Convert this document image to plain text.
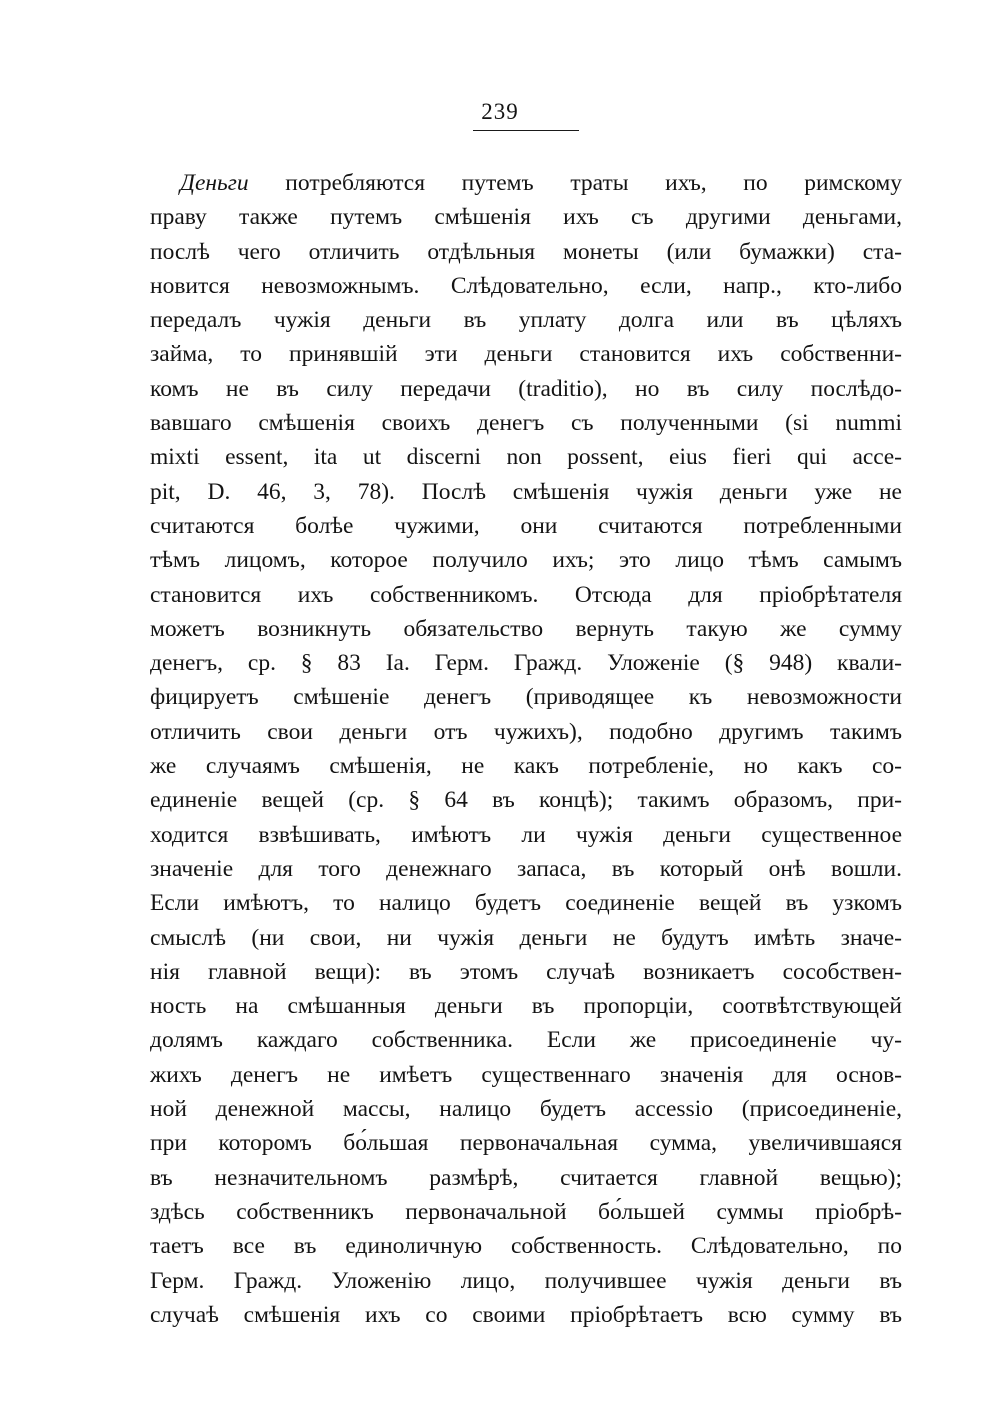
239
Деньги потребляются путемъ траты ихъ, по римскому
праву также путемъ смѣшенія ихъ съ другими деньгами,
послѣ чего отличить отдѣльныя монеты (или бумажки) ста-
новится невозможнымъ. Слѣдовательно, если, напр., кто-либо
передалъ чужія деньги въ уплату долга или въ цѣляхъ
займа, то принявшій эти деньги становится ихъ собственни-
комъ не въ силу передачи (traditio), но въ силу послѣдо-
вавшаго смѣшенія своихъ денегъ съ полученными (si nummi
mixti essent, ita ut discerni non possent, eius fieri qui acce-
pit, D. 46, 3, 78). Послѣ смѣшенія чужія деньги уже не
считаются болѣе чужими, они считаются потребленными
тѣмъ лицомъ, которое получило ихъ; это лицо тѣмъ самымъ
становится ихъ собственникомъ. Отсюда для пріобрѣтателя
можетъ возникнуть обязательство вернуть такую же сумму
денегъ, ср. § 83 Iа. Герм. Гражд. Уложеніе (§ 948) квали-
фицируетъ смѣшеніе денегъ (приводящее къ невозможности
отличить свои деньги отъ чужихъ), подобно другимъ такимъ
же случаямъ смѣшенія, не какъ потребленіе, но какъ со-
единеніе вещей (ср. § 64 въ концѣ); такимъ образомъ, при-
ходится взвѣшивать, имѣютъ ли чужія деньги существенное
значеніе для того денежнаго запаса, въ который онѣ вошли.
Если имѣютъ, то налицо будетъ соединеніе вещей въ узкомъ
смыслѣ (ни свои, ни чужія деньги не будутъ имѣть значе-
нія главной вещи): въ этомъ случаѣ возникаетъ сособствен-
ность на смѣшанныя деньги въ пропорціи, соотвѣтствующей
долямъ каждаго собственника. Если же присоединеніе чу-
жихъ денегъ не имѣетъ существеннаго значенія для основ-
ной денежной массы, налицо будетъ accessio (присоединеніе,
при которомъ бо́льшая первоначальная сумма, увеличившаяся
въ незначительномъ размѣрѣ, считается главной вещью);
здѣсь собственникъ первоначальной бо́льшей суммы пріобрѣ-
таетъ все въ единоличную собственность. Слѣдовательно, по
Герм. Гражд. Уложенію лицо, получившее чужія деньги въ
случаѣ смѣшенія ихъ со своими пріобрѣтаетъ всю сумму въ
